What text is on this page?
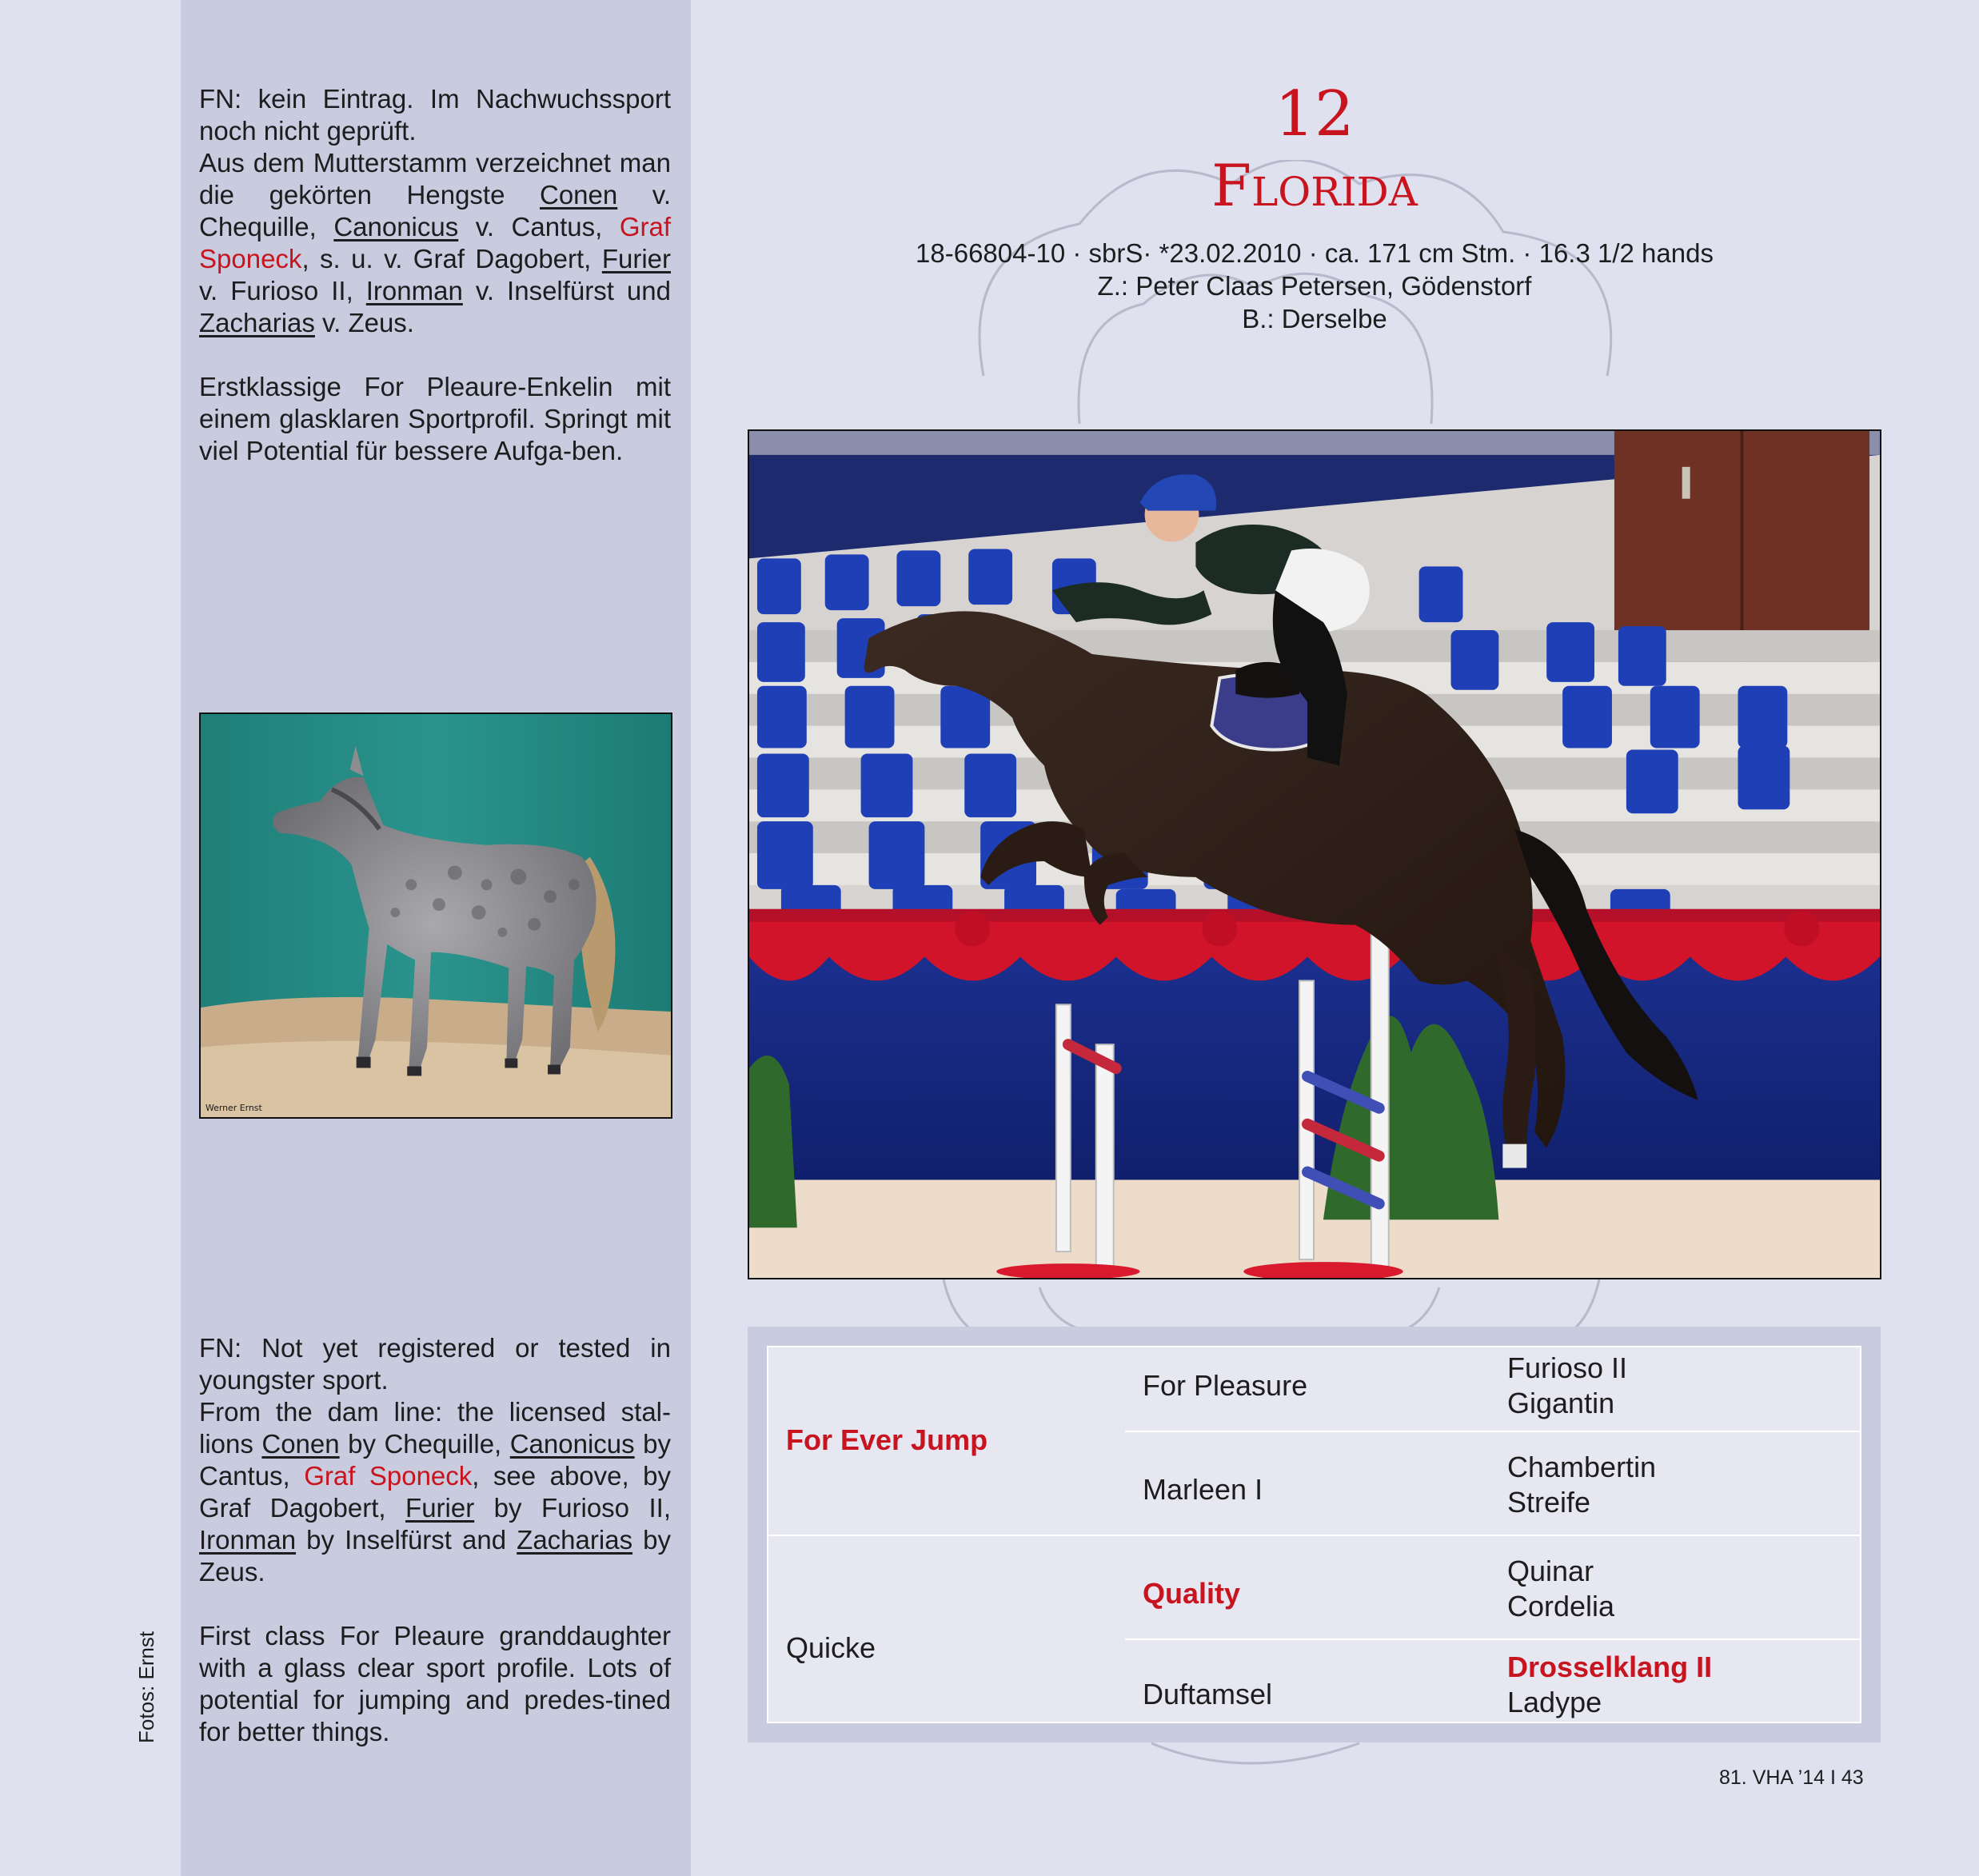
FN: kein Eintrag. Im Nachwuchssport noch nicht geprüft.

Aus dem Mutterstamm verzeichnet man die gekörten Hengste Conen v. Chequille, Canonicus v. Cantus, Graf Sponeck, s. u. v. Graf Dagobert, Furier v. Furioso II, Ironman v. Inselfürst und Zacharias v. Zeus.

Erstklassige For Pleaure-Enkelin mit einem glasklaren Sportprofil. Springt mit viel Potential für bessere Aufga-ben.

Werner Ernst

FN: Not yet registered or tested in youngster sport.

From the dam line: the licensed stal-lions Conen by Chequille, Canonicus by Cantus, Graf Sponeck, see above, by Graf Dagobert, Furier by Furioso II, Ironman by Inselfürst and Zacharias by Zeus.

First class For Pleaure granddaughter with a glass clear sport profile. Lots of potential for jumping and predes-tined for better things.

Fotos: Ernst
12
Florida
18-66804-10 · sbrS· *23.02.2010 · ca. 171 cm Stm. · 16.3 1/2 hands
Z.: Peter Claas Petersen, Gödenstorf
B.: Derselbe
For Ever Jump
Quicke
For Pleasure
Marleen I
Quality
Duftamsel
Furioso II
Gigantin
Chambertin
Streife
Quinar
Cordelia
Drosselklang II
Ladype
81. VHA ’14 I 43
